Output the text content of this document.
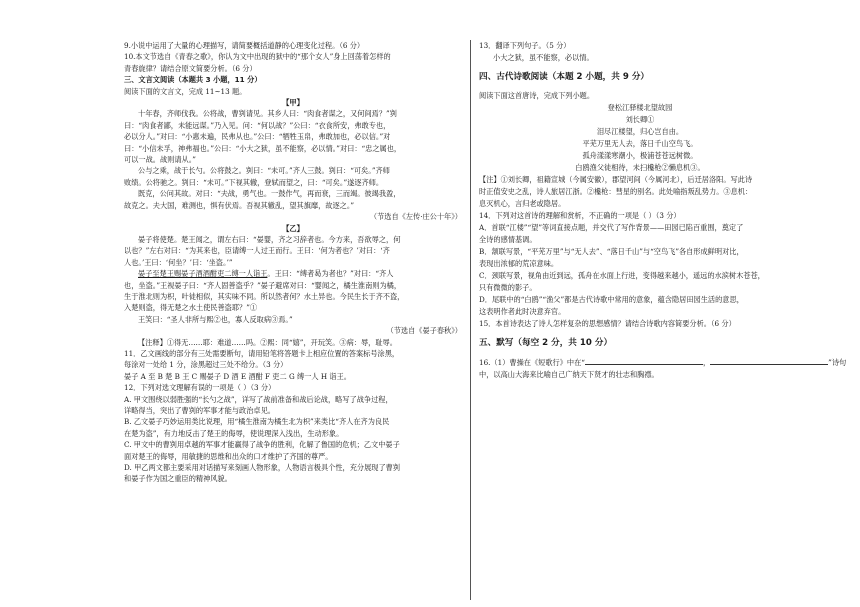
9.小说中运用了大量的心理描写，请简要概括道静的心理变化过程。（6 分）

10.本文节选自《青春之歌》，你认为文中出现的狱中的“那个女人”身上回荡着怎样的

青春旋律？请结合原文简要分析。（6 分）

三、文言文阅读（本题共 3 小题，11 分）

阅读下面的文言文，完成 11~13 题。

【甲】

十年春，齐师伐我。公将战，曹刿请见。其乡人曰：“肉食者谋之，又何间焉？”刿

曰：“肉食者鄙，未能远谋。”乃入见。问：“何以战？”公曰：“衣食所安，弗敢专也，

必以分人。”对曰：“小惠未遍，民弗从也。”公曰：“牺牲玉帛，弗敢加也，必以信。”对

曰：“小信未孚，神弗福也。”公曰：“小大之狱，虽不能察，必以情。”对曰：“忠之属也，

可以一战。战则请从。”

公与之乘，战于长勺。公将鼓之。刿曰：“未可。”齐人三鼓。刿曰：“可矣。”齐师

败绩。公将驰之。刿曰：“未可。”下视其辙，登轼而望之，曰：“可矣。”遂逐齐师。

既克，公问其故。对曰：“夫战，勇气也。一鼓作气，再而衰，三而竭。彼竭我盈，

故克之。夫大国，难测也，惧有伏焉。吾视其辙乱，望其旗靡，故逐之。”

（节选自《左传·庄公十年》）

【乙】

晏子将使楚。楚王闻之，谓左右曰：“晏婴，齐之习辞者也。今方来，吾欲辱之，何

以也？”左右对曰：“为其来也，臣请缚一人过王而行。王曰：‘何为者也？’对曰：‘齐

人也。’王曰：‘何坐？’曰：‘坐盗。’”

晏子至楚王赐晏子酒酒酣吏二缚一人诣王。王曰：“缚者曷为者也？”对曰：“齐人

也，坐盗。”王视晏子曰：“齐人固善盗乎？”晏子避席对曰：“婴闻之，橘生淮南则为橘，

生于淮北则为枳，叶徒相似，其实味不同。所以然者何？水土异也。今民生长于齐不盗，

入楚则盗，得无楚之水土使民善盗耶？”①

王笑曰：“圣人非所与熙②也，寡人反取病③焉。”

（节选自《晏子春秋》）

【注释】①得无……耶：难道……吗。②熙：同“嬉”，开玩笑。③病：辱，耻辱。

11．乙文画线的部分有三处需要断句，请用铅笔将答题卡上相应位置的答案标号涂黑，

每涂对一处给 1 分，涂黑超过三处不给分。（3 分）

晏子 A 至 B 楚 B 王 C 赐晏子 D 酒 E 酒酣 F 吏二 G 缚一人 H 诣王。

12．下列对选文理解有误的一项是（ ）（3 分）

A. 甲文围绕以弱胜强的“长勺之战”，详写了战前准备和战后论战，略写了战争过程，

详略得当，突出了曹刿的军事才能与政治卓见。

B. 乙文晏子巧妙运用类比说理，用“橘生淮南为橘生北为枳”来类比“齐人在齐为良民

在楚为盗”，有力地反击了楚王的侮辱，使说理深入浅出，生动形象。

C. 甲文中的曹刿用卓越的军事才能赢得了战争的胜利，化解了鲁国的危机；乙文中晏子

面对楚王的侮辱，用敏捷的思维和出众的口才维护了齐国的尊严。

D. 甲乙两文都主要采用对话描写来刻画人物形象，人物语言极具个性，充分展现了曹刿

和晏子作为国之重臣的精神风貌。

13．翻译下列句子。（5 分）

小大之狱，虽不能察，必以情。

四、古代诗歌阅读（本题 2 小题，共 9 分）

阅读下面这首唐诗，完成下列小题。

登松江驿楼北望故园

刘长卿①

泪尽江楼望，归心岂自由。

平芜万里无人去，落日千山空鸟飞。

孤舟漾漾寒潮小，极浦苍苍远树微。

白鸥渔父徒相待，未扫欃枪②懒息机③。

【注】①刘长卿，祖籍宣城（今属安徽），郡望河间（今属河北），后迁居洛阳。写此诗

时正值安史之乱，诗人旅居江浙。②欃枪：彗星的别名。此处喻指叛乱势力。③息机：

息灭机心，言归老或隐居。

14．下列对这首诗的理解和赏析，不正确的一项是（ ）（3 分）

A．首联“江楼”“望”等词直接点题，并交代了写作背景——田园已陷百重围，奠定了

全诗的感情基调。

B．颔联写景，“平芜万里”与“无人去”、“落日千山”与“空鸟飞”各自形成鲜明对比，

表现出浓郁的荒凉意味。

C．颈联写景，视角由近到远，孤舟在水面上行进，变得越来越小，遥远的水滨树木苍苍，

只有微微的影子。

D．尾联中的“白鸥”“渔父”都是古代诗歌中常用的意象，蕴含隐居田园生活的意思，

这表明作者此时决意弃官。

15．本首诗表达了诗人怎样复杂的思想感情？请结合诗歌内容简要分析。（6 分）

五、默写（每空 2 分，共 10 分）

16.（1）曹操在《短歌行》中在“	，	”诗句

中，以高山大海来比喻自己广纳天下贤才的壮志和胸襟。
